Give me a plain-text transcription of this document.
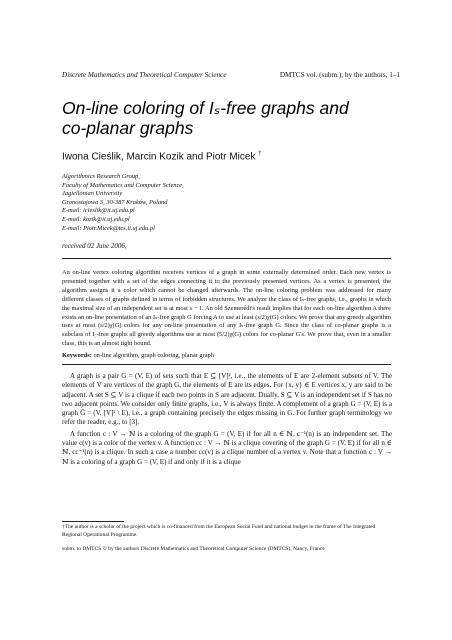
Discrete Mathematics and Theoretical Computer Science	DMTCS vol. (subm.), by the authors, 1–1
On-line coloring of Iₛ-free graphs and
co-planar graphs
Iwona Cieślik, Marcin Kozik and Piotr Micek †
Algorithmics Research Group,
Faculty of Mathematics and Computer Science,
Jagiellonian University
Gronostajowa 3, 30-387 Kraków, Poland
E-mail: icieslik@ii.uj.edu.pl
E-mail: kozik@ii.uj.edu.pl
E-mail: Piotr.Micek@tcs.ii.uj.edu.pl
received 02 June 2006,
An on-line vertex coloring algorithm receives vertices of a graph in some externally determined order. Each new vertex is presented together with a set of the edges connecting it to the previously presented vertices. As a vertex is presented, the algorithm assigns it a color which cannot be changed afterwards. The on-line coloring problem was addressed for many different classes of graphs defined in terms of forbidden structures. We analyze the class of Iₛ-free graphs, i.e., graphs in which the maximal size of an independent set is at most s − 1. An old Szemerédi's result implies that for each on-line algorithm A there exists an on-line presentation of an Iₛ-free graph G forcing A to use at least (s/2)χ(G) colors. We prove that any greedy algorithm uses at most (s/2)χ(G) colors for any on-line presentation of any Iₛ-free graph G. Since the class of co-planar graphs is a subclass of I₅-free graphs all greedy algorithms use at most (5/2)χ(G) colors for co-planar G's. We prove that, even in a smaller class, this is an almost tight bound.
Keywords: on-line algorithm, graph coloring, planar graph

A graph is a pair G = (V, E) of sets such that E ⊆ [V]², i.e., the elements of E are 2-element subsets of V. The elements of V are vertices of the graph G, the elements of E are its edges. For {x, y} ∈ E vertices x, y are said to be adjacent. A set S ⊆ V is a clique if each two points in S are adjacent. Dually, S ⊆ V is an independent set if S has no two adjacent points. We consider only finite graphs, i.e., V is always finite. A complement of a graph G = (V, E) is a graph Ḡ = (V, [V]² \ E), i.e., a graph containing precisely the edges missing in G. For further graph terminology we refer the reader, e.g., to [3].

A function c : V → ℕ is a coloring of the graph G = (V, E) if for all n ∈ ℕ, c⁻¹(n) is an independent set. The value c(v) is a color of the vertex v. A function cc : V → ℕ is a clique covering of the graph G = (V, E) if for all n ∈ ℕ, cc⁻¹(n) is a clique. In such a case a number cc(v) is a clique number of a vertex v. Note that a function c : V → ℕ is a coloring of a graph G = (V, E) if and only if it is a clique

†The author is a scholar of the project which is co-financed from the European Social Fund and national budget in the frame of The Integrated Regional Operational Programme.
subm. to DMTCS © by the authors Discrete Mathematics and Theoretical Computer Science (DMTCS), Nancy, France
